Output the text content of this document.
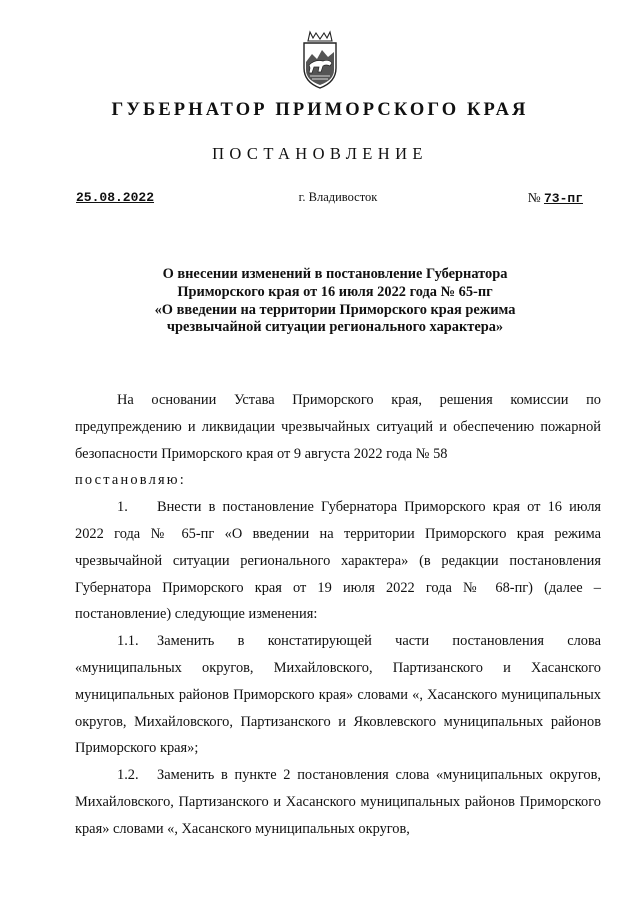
ГУБЕРНАТОР ПРИМОРСКОГО КРАЯ
ПОСТАНОВЛЕНИЕ
25.08.2022	г. Владивосток	№ 73-пг
О внесении изменений в постановление Губернатора
Приморского края от 16 июля 2022 года № 65-пг
«О введении на территории Приморского края режима
чрезвычайной ситуации регионального характера»

На основании Устава Приморского края, решения комиссии по предупреждению и ликвидации чрезвычайных ситуаций и обеспечению пожарной безопасности Приморского края от 9 августа 2022 года № 58
постановляю:

1. Внести в постановление Губернатора Приморского края от 16 июля 2022 года № 65-пг «О введении на территории Приморского края режима чрезвычайной ситуации регионального характера» (в редакции постановления Губернатора Приморского края от 19 июля 2022 года № 68-пг) (далее – постановление) следующие изменения:

1.1. Заменить в констатирующей части постановления слова «муниципальных округов, Михайловского, Партизанского и Хасанского муниципальных районов Приморского края» словами «, Хасанского муниципальных округов, Михайловского, Партизанского и Яковлевского муниципальных районов Приморского края»;

1.2. Заменить в пункте 2 постановления слова «муниципальных округов, Михайловского, Партизанского и Хасанского муниципальных районов Приморского края» словами «, Хасанского муниципальных округов,
